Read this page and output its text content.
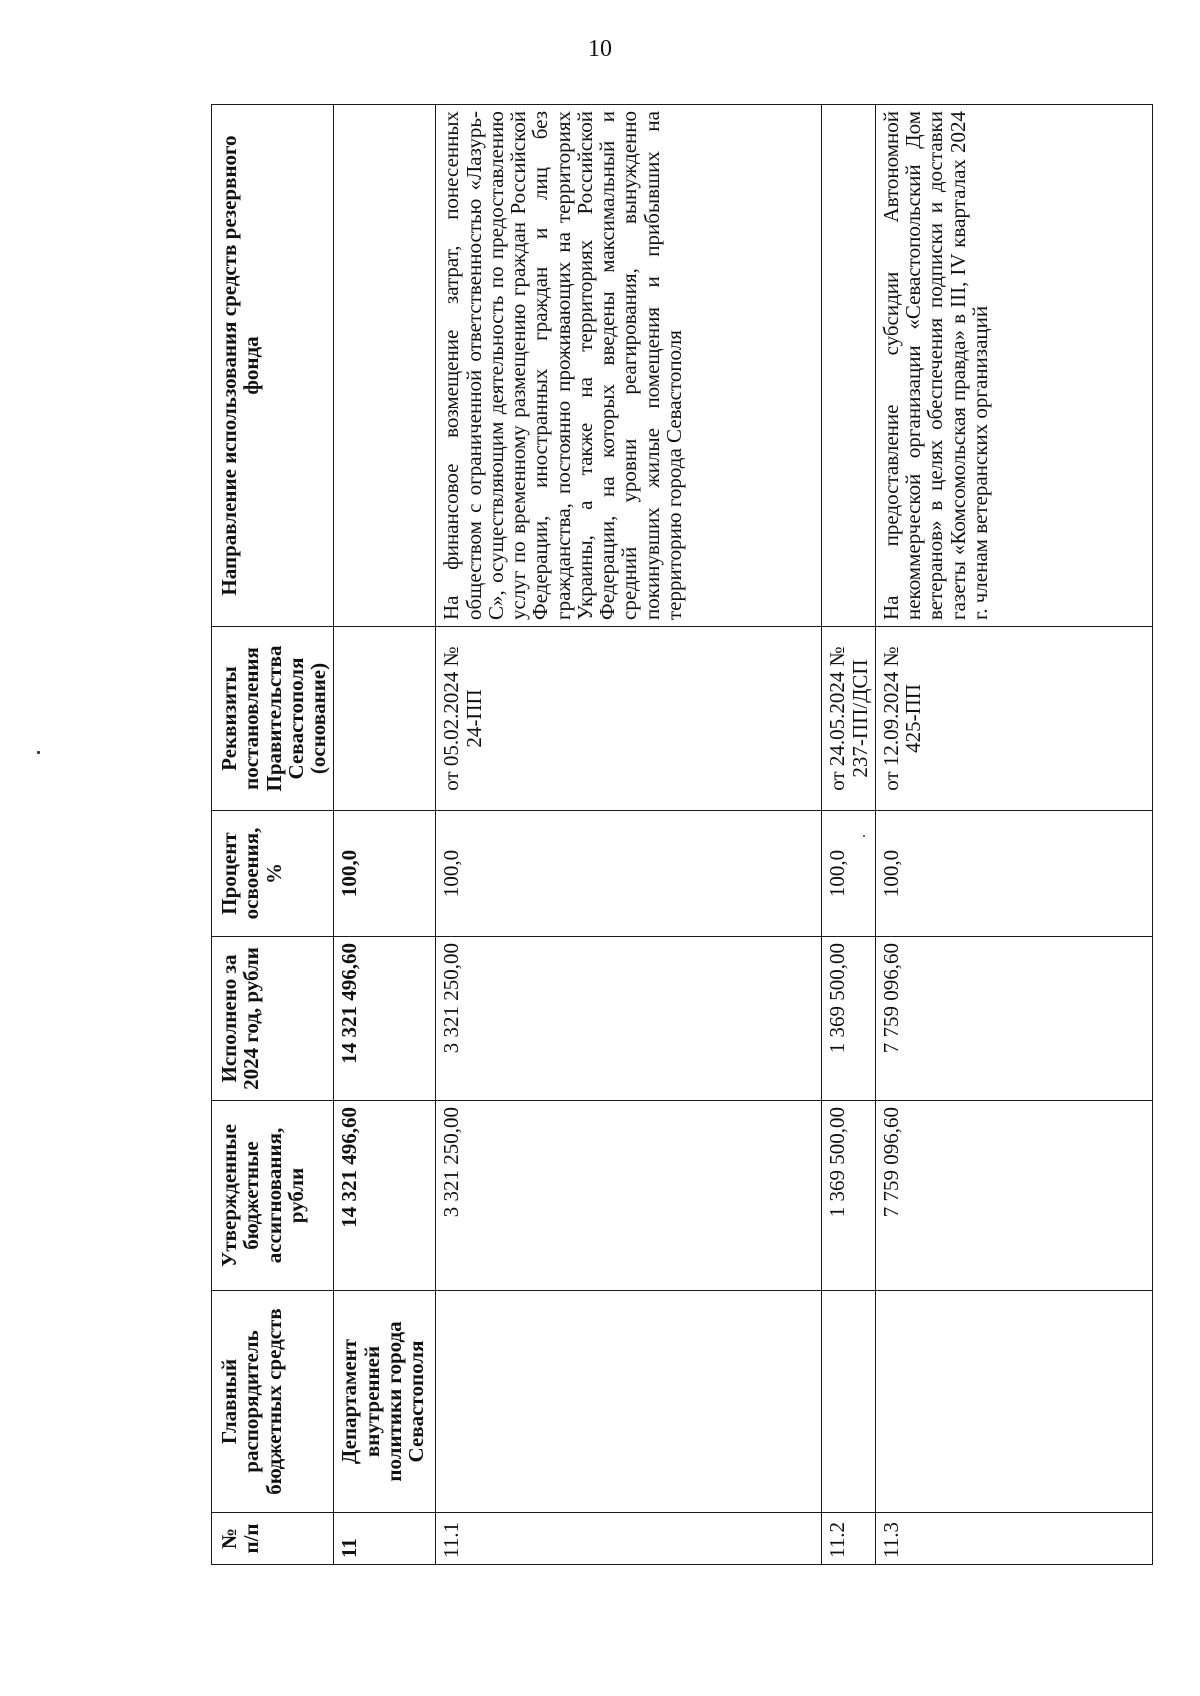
10
№ п/п	Главный распорядитель бюджетных средств	Утвержденные бюджетные ассигнования, рубли	Исполнено за 2024 год, рубли	Процент освоения, %	Реквизиты постановления Правительства Севастополя (основание)	Направление использования средств резервного фонда
11	Департамент внутренней политики города Севастополя	14 321 496,60	14 321 496,60	100,0		
11.1		3 321 250,00	3 321 250,00	100,0	от 05.02.2024 № 24-ПП	На финансовое возмещение затрат, понесенных обществом с ограниченной ответственностью «Лазурь-С», осуществляющим деятельность по предоставлению услуг по временному размещению граждан Российской Федерации, иностранных граждан и лиц без гражданства, постоянно проживающих на территориях Украины, а также на территориях Российской Федерации, на которых введены максимальный и средний уровни реагирования, вынужденно покинувших жилые помещения и прибывших на территорию города Севастополя
11.2		1 369 500,00	1 369 500,00	100,0	от 24.05.2024 № 237-ПП/ДСП	
11.3		7 759 096,60	7 759 096,60	100,0	от 12.09.2024 № 425-ПП	На предоставление субсидии Автономной некоммерческой организации «Севастопольский Дом ветеранов» в целях обеспечения подписки и доставки газеты «Комсомольская правда» в III, IV кварталах 2024 г. членам ветеранских организаций
